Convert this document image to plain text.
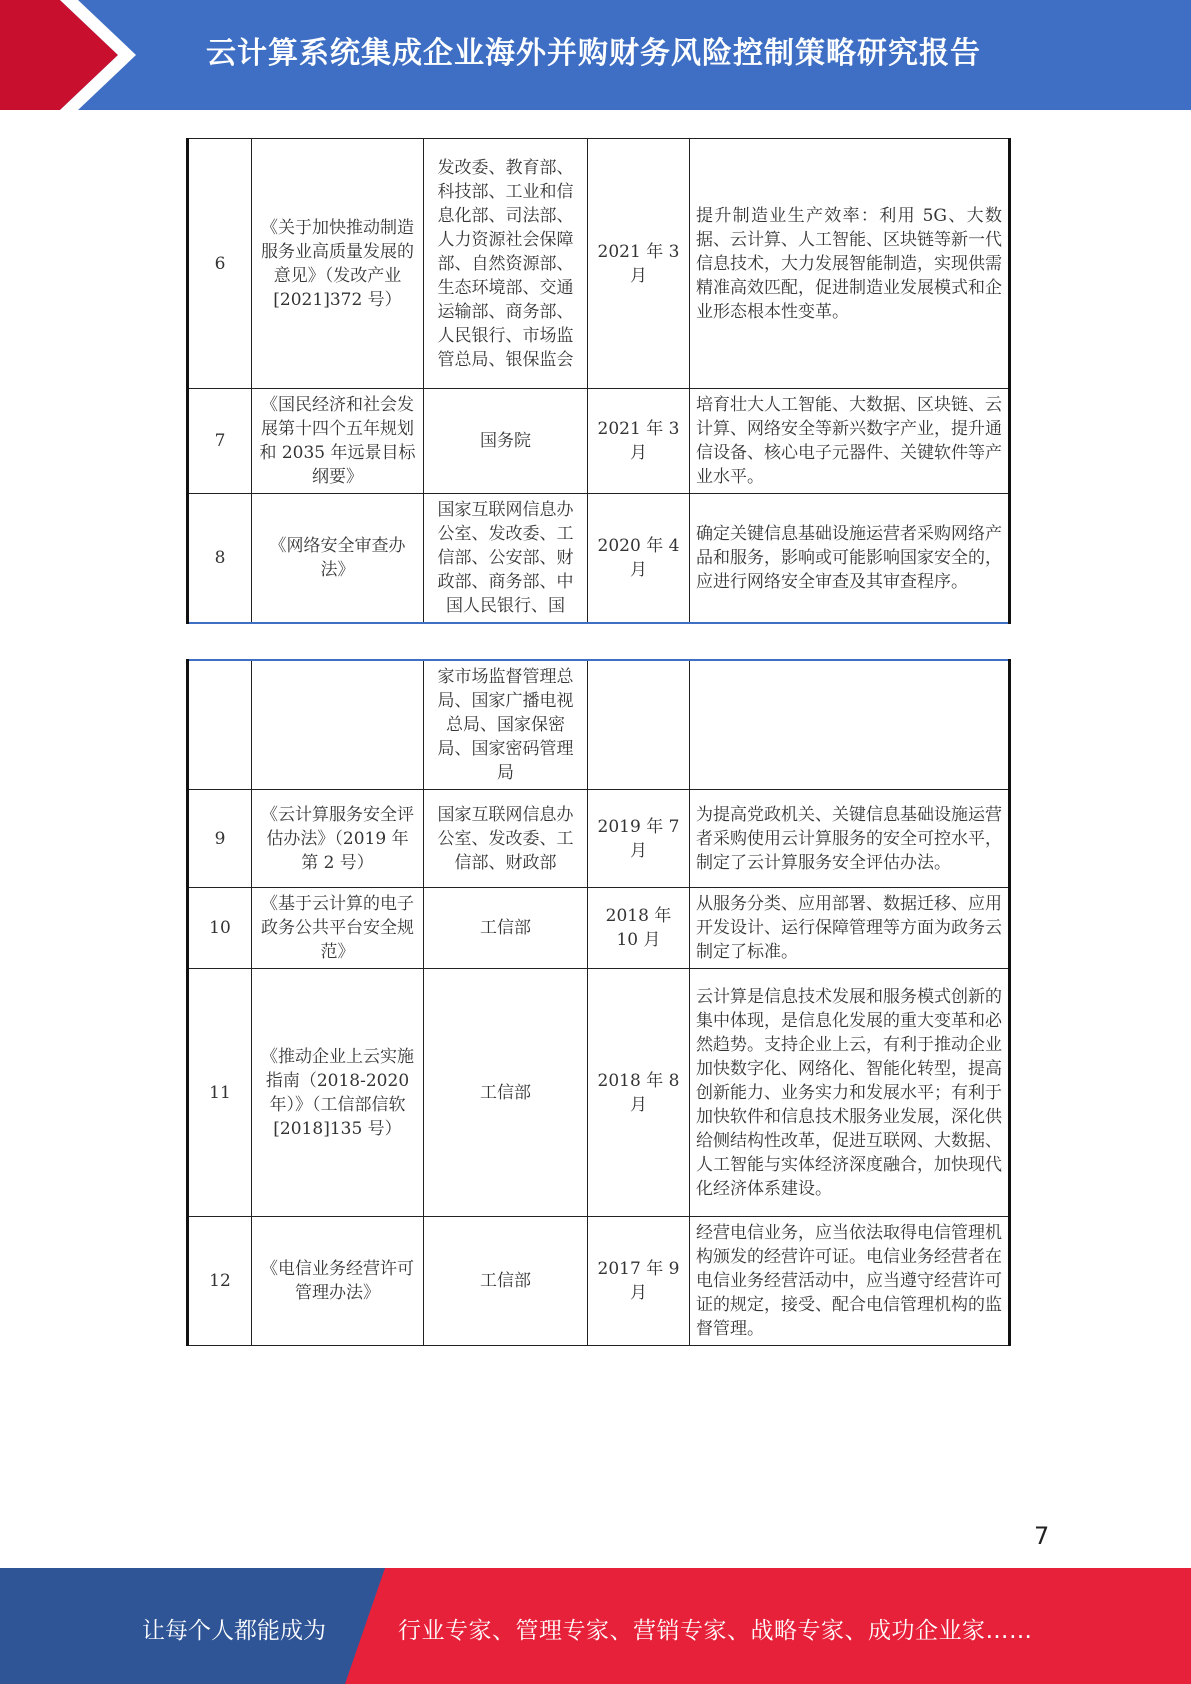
云计算系统集成企业海外并购财务风险控制策略研究报告
6	《关于加快推动制造服务业高质量发展的意见》（发改产业[2021]372 号）	发改委、教育部、科技部、工业和信息化部、司法部、人力资源社会保障部、自然资源部、生态环境部、交通运输部、商务部、人民银行、市场监管总局、银保监会	2021 年 3 月	提升制造业生产效率：利用 5G、大数据、云计算、人工智能、区块链等新一代信息技术，大力发展智能制造，实现供需精准高效匹配，促进制造业发展模式和企业形态根本性变革。
7	《国民经济和社会发展第十四个五年规划和 2035 年远景目标纲要》	国务院	2021 年 3 月	培育壮大人工智能、大数据、区块链、云计算、网络安全等新兴数字产业，提升通信设备、核心电子元器件、关键软件等产业水平。
8	《网络安全审查办法》	国家互联网信息办公室、发改委、工信部、公安部、财政部、商务部、中国人民银行、国	2020 年 4 月	确定关键信息基础设施运营者采购网络产品和服务，影响或可能影响国家安全的，应进行网络安全审查及其审查程序。
		家市场监督管理总局、国家广播电视总局、国家保密局、国家密码管理局		
9	《云计算服务安全评估办法》（2019 年第 2 号）	国家互联网信息办公室、发改委、工信部、财政部	2019 年 7 月	为提高党政机关、关键信息基础设施运营者采购使用云计算服务的安全可控水平，制定了云计算服务安全评估办法。
10	《基于云计算的电子政务公共平台安全规范》	工信部	2018 年 10 月	从服务分类、应用部署、数据迁移、应用开发设计、运行保障管理等方面为政务云制定了标准。
11	《推动企业上云实施指南（2018-2020 年）》（工信部信软[2018]135 号）	工信部	2018 年 8 月	云计算是信息技术发展和服务模式创新的集中体现，是信息化发展的重大变革和必然趋势。支持企业上云，有利于推动企业加快数字化、网络化、智能化转型，提高创新能力、业务实力和发展水平；有利于加快软件和信息技术服务业发展，深化供给侧结构性改革，促进互联网、大数据、人工智能与实体经济深度融合，加快现代化经济体系建设。
12	《电信业务经营许可管理办法》	工信部	2017 年 9 月	经营电信业务，应当依法取得电信管理机构颁发的经营许可证。电信业务经营者在电信业务经营活动中，应当遵守经营许可证的规定，接受、配合电信管理机构的监督管理。
7
让每个人都能成为	行业专家、管理专家、营销专家、战略专家、成功企业家……
